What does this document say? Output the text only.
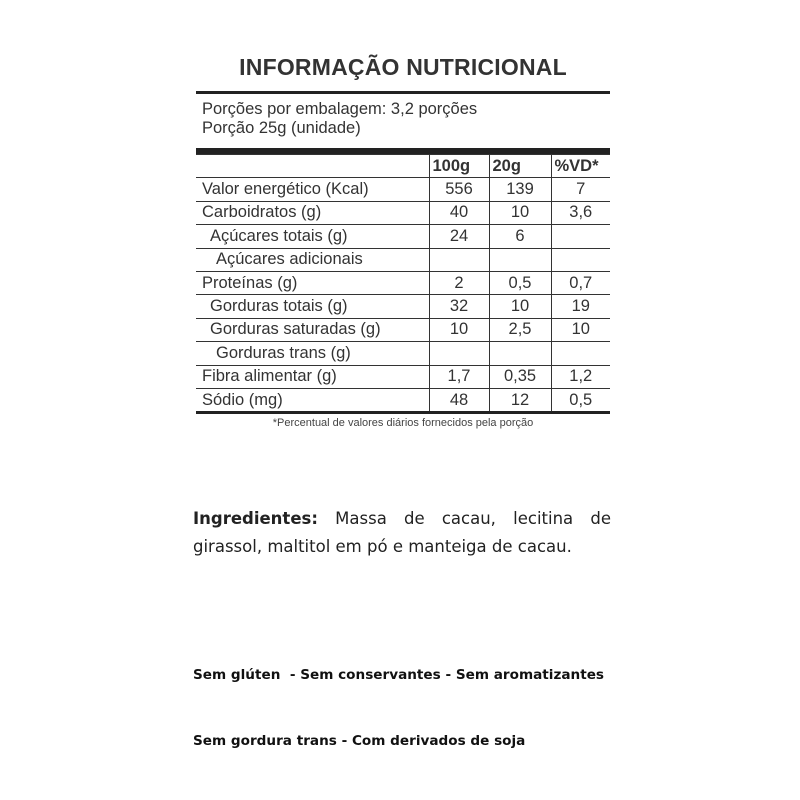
INFORMAÇÃO NUTRICIONAL
Porções por embalagem: 3,2 porções
Porção 25g (unidade)
	100g	20g	%VD*
Valor energético (Kcal)	556	139	7
Carboidratos (g)	40	10	3,6
Açúcares totais (g)	24	6	
Açúcares adicionais			
Proteínas (g)	2	0,5	0,7
Gorduras totais (g)	32	10	19
Gorduras saturadas (g)	10	2,5	10
Gorduras trans (g)			
Fibra alimentar (g)	1,7	0,35	1,2
Sódio (mg)	48	12	0,5
*Percentual de valores diários fornecidos pela porção
Ingredientes: Massa de cacau, lecitina de girassol, maltitol em pó e manteiga de cacau.

Sem glúten  - Sem conservantes - Sem aromatizantes

Sem gordura trans - Com derivados de soja
